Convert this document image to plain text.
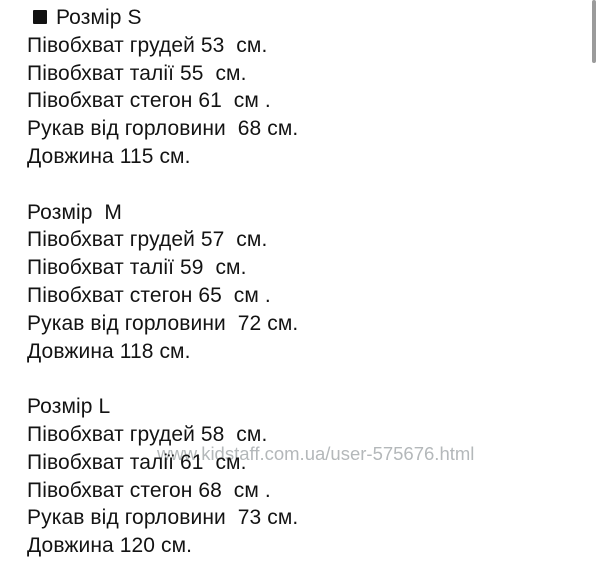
www.kidstaff.com.ua/user-575676.html
Розмір S
Півобхват грудей 53  см.
Півобхват талії 55  см.
Півобхват стегон 61  см .
Рукав від горловини  68 см.
Довжина 115 см.
Розмір  М
Півобхват грудей 57  см.
Півобхват талії 59  см.
Півобхват стегон 65  см .
Рукав від горловини  72 см.
Довжина 118 см.
Розмір L
Півобхват грудей 58  см.
Півобхват талії 61  см.
Півобхват стегон 68  см .
Рукав від горловини  73 см.
Довжина 120 см.
